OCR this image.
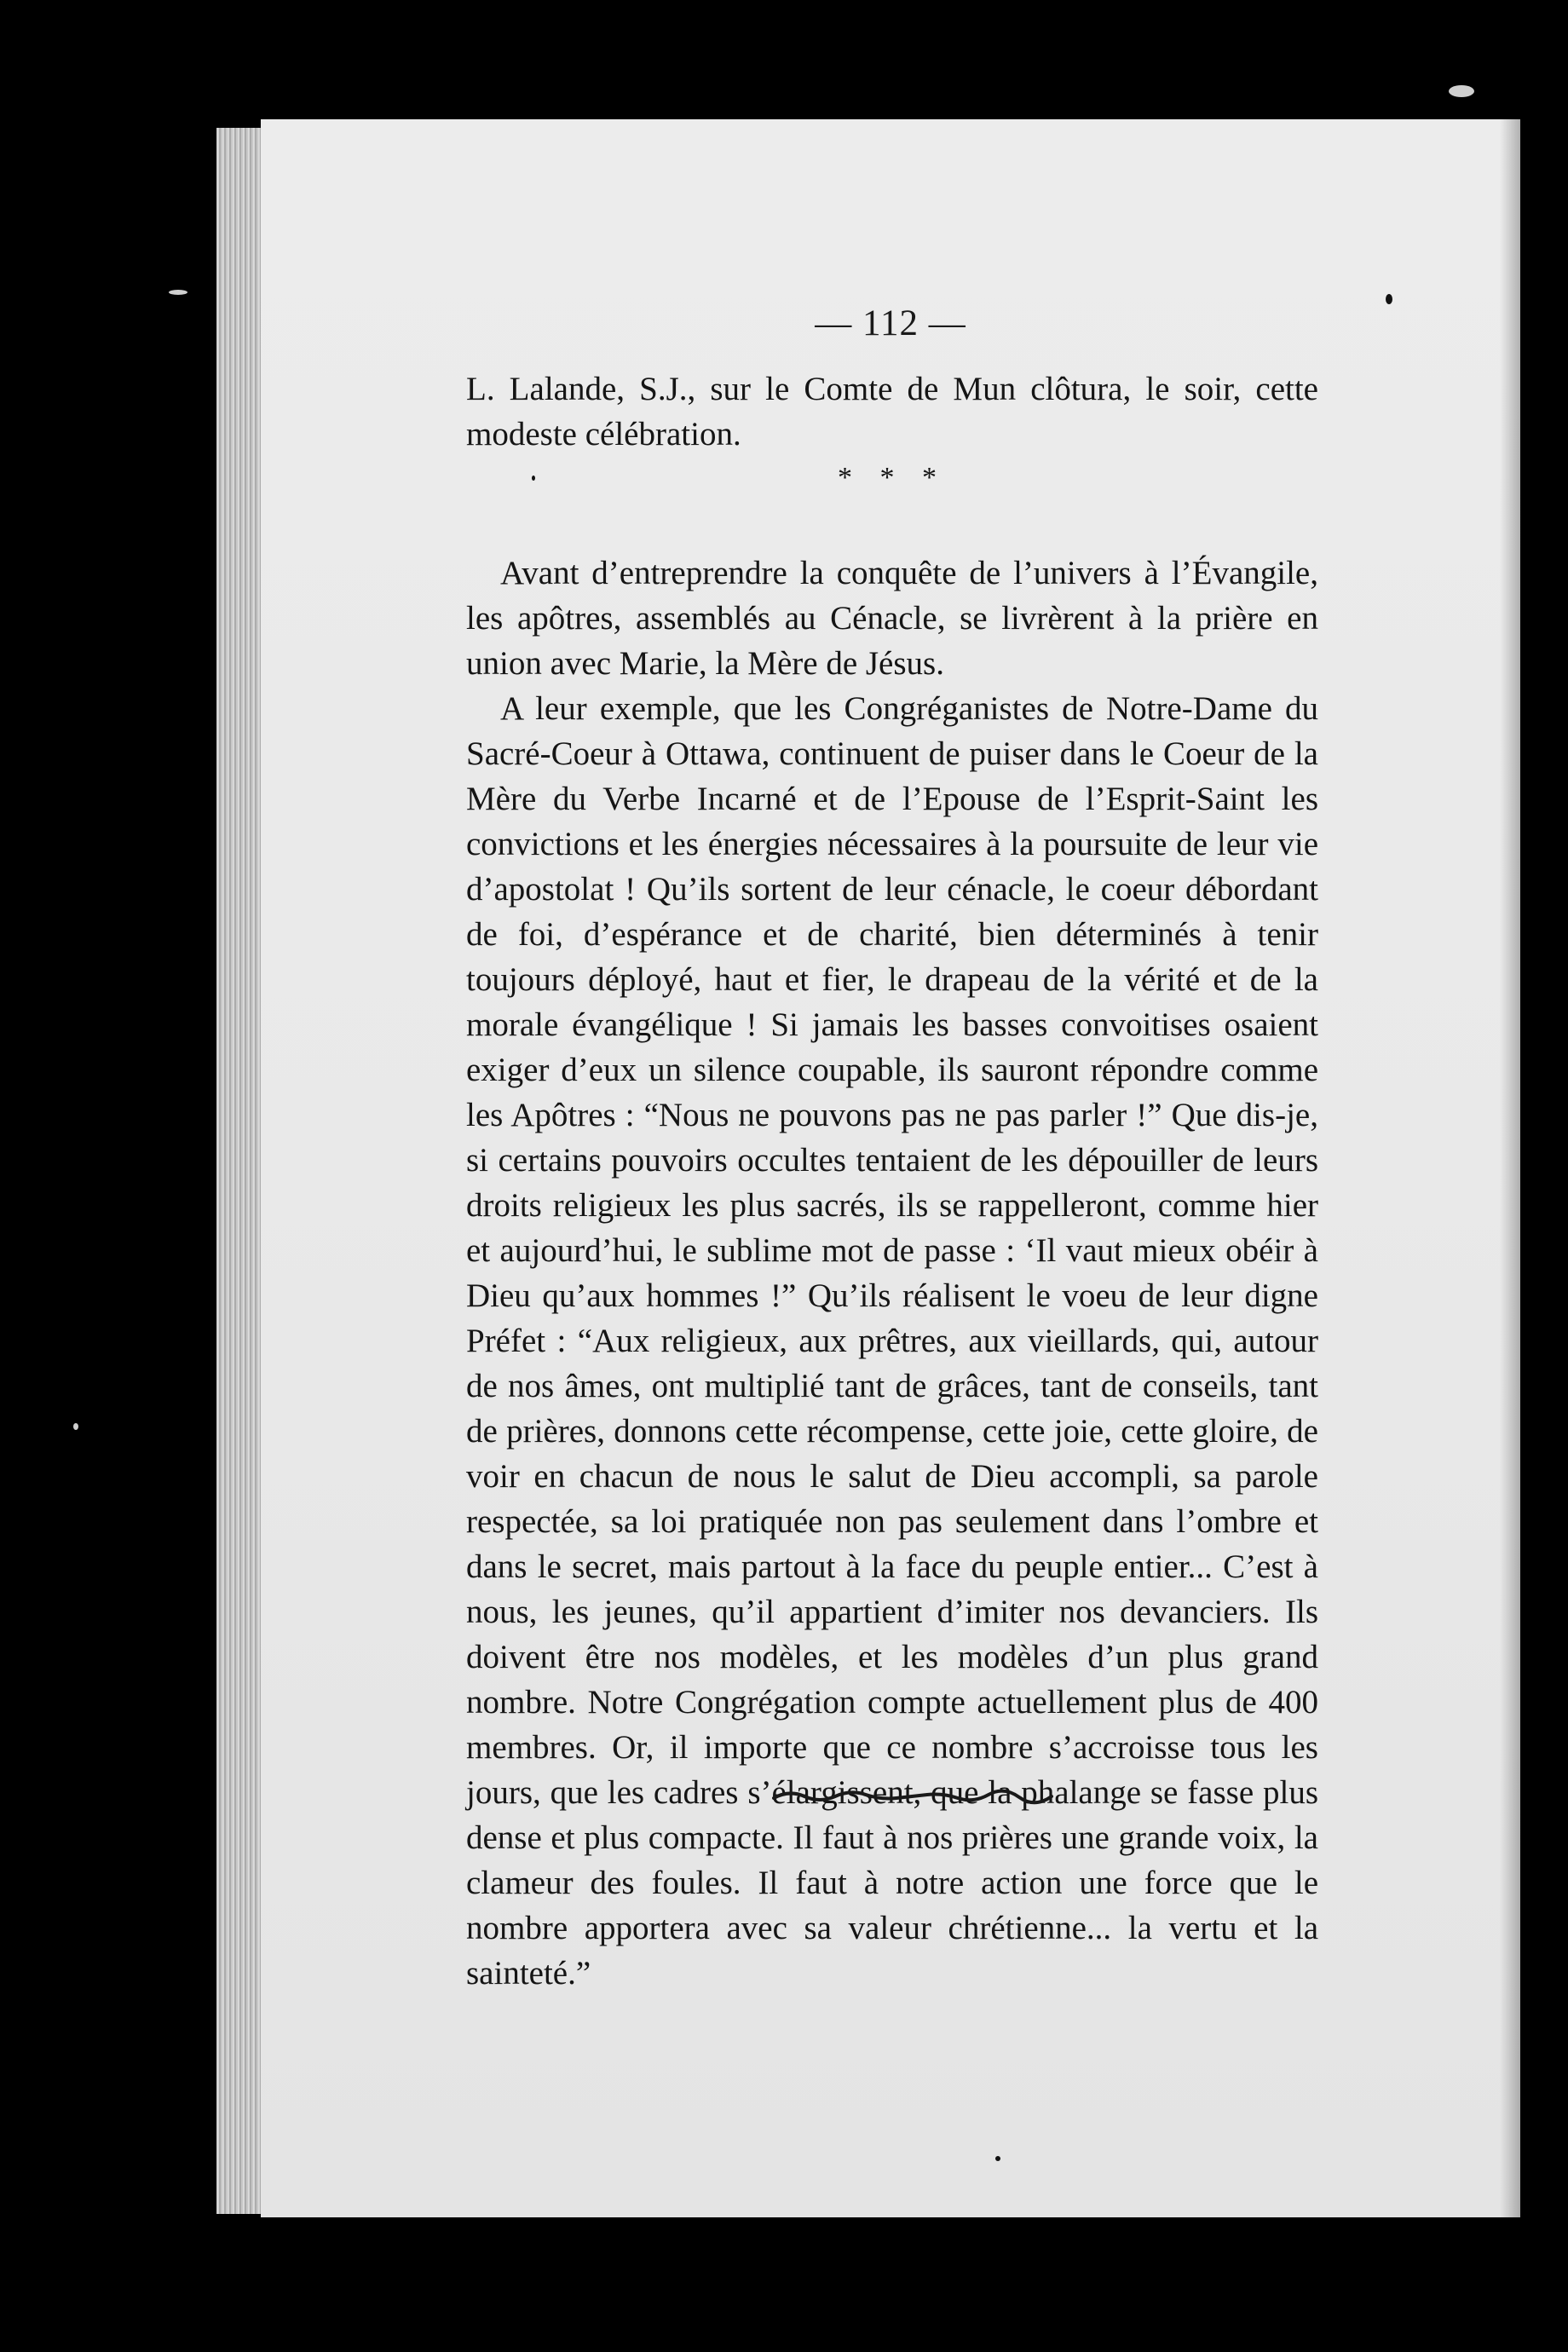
— 112 —

L. Lalande, S.J., sur le Comte de Mun clôtura, le soir, cette modeste célébration.

* * *

Avant d’entreprendre la conquête de l’univers à l’Évangile, les apôtres, assemblés au Cénacle, se livrèrent à la prière en union avec Marie, la Mère de Jésus.

A leur exemple, que les Congréganistes de Notre-Dame du Sacré-Coeur à Ottawa, continuent de puiser dans le Coeur de la Mère du Verbe Incarné et de l’Epouse de l’Esprit-Saint les convictions et les énergies nécessaires à la poursuite de leur vie d’apostolat ! Qu’ils sortent de leur cénacle, le coeur débordant de foi, d’espérance et de charité, bien déterminés à tenir toujours déployé, haut et fier, le drapeau de la vérité et de la morale évangélique ! Si jamais les basses convoitises osaient exiger d’eux un silence coupable, ils sauront répondre comme les Apôtres : “Nous ne pouvons pas ne pas parler !” Que dis-je, si certains pouvoirs occultes tentaient de les dépouiller de leurs droits religieux les plus sacrés, ils se rappelleront, comme hier et aujourd’hui, le sublime mot de passe : ‘Il vaut mieux obéir à Dieu qu’aux hommes !” Qu’ils réalisent le voeu de leur digne Préfet : “Aux religieux, aux prêtres, aux vieillards, qui, autour de nos âmes, ont multiplié tant de grâces, tant de conseils, tant de prières, donnons cette récompense, cette joie, cette gloire, de voir en chacun de nous le salut de Dieu accompli, sa parole respectée, sa loi pratiquée non pas seulement dans l’ombre et dans le secret, mais partout à la face du peuple entier... C’est à nous, les jeunes, qu’il appartient d’imiter nos devanciers. Ils doivent être nos modèles, et les modèles d’un plus grand nombre. Notre Congrégation compte actuellement plus de 400 membres. Or, il importe que ce nombre s’accroisse tous les jours, que les cadres s’élargissent, que la phalange se fasse plus dense et plus compacte. Il faut à nos prières une grande voix, la clameur des foules. Il faut à notre action une force que le nombre apportera avec sa valeur chrétienne... la vertu et la sainteté.”
